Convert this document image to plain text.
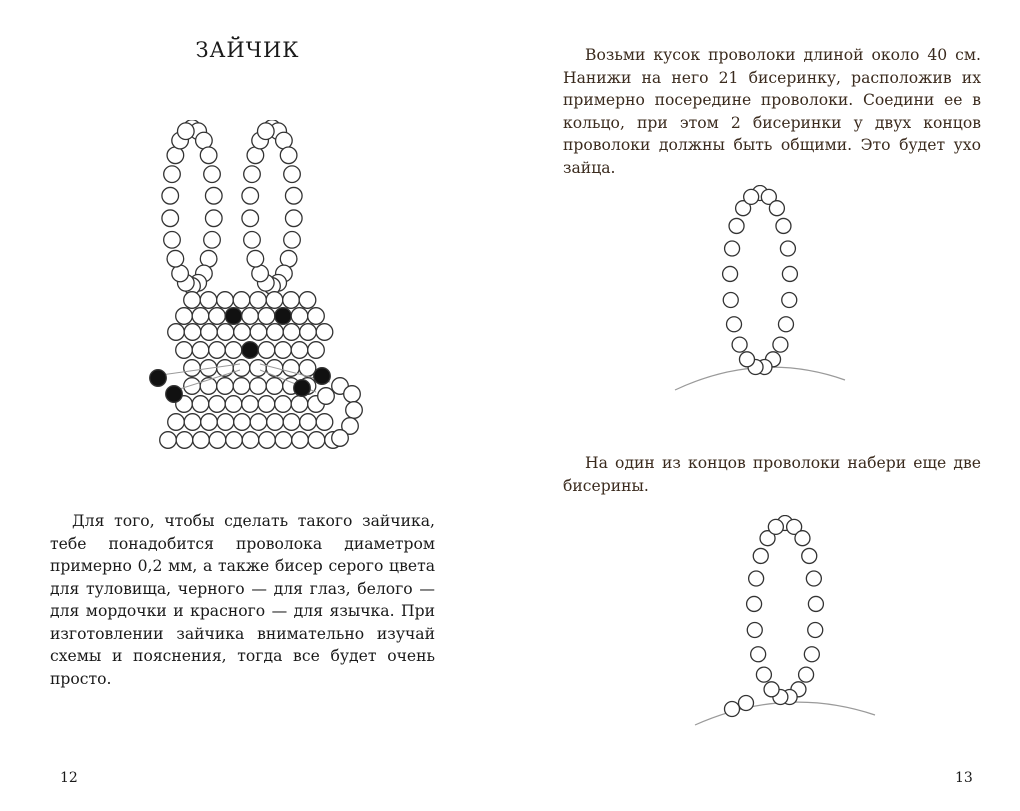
ЗАЙЧИК

Для того, чтобы сделать такого зайчика, тебе понадобится проволока диаметром примерно 0,2 мм, а также бисер серого цвета для туловища, черного — для глаз, белого — для мордочки и красного — для язычка. При изготовлении зайчика внимательно изучай схемы и пояснения, тогда все будет очень просто.

12

Возьми кусок проволоки длиной около 40 см. Нанижи на него 21 бисеринку, расположив их примерно посередине проволоки. Соедини ее в кольцо, при этом 2 бисеринки у двух концов проволоки должны быть общими. Это будет ухо зайца.

На один из концов проволоки набери еще две бисерины.

13
